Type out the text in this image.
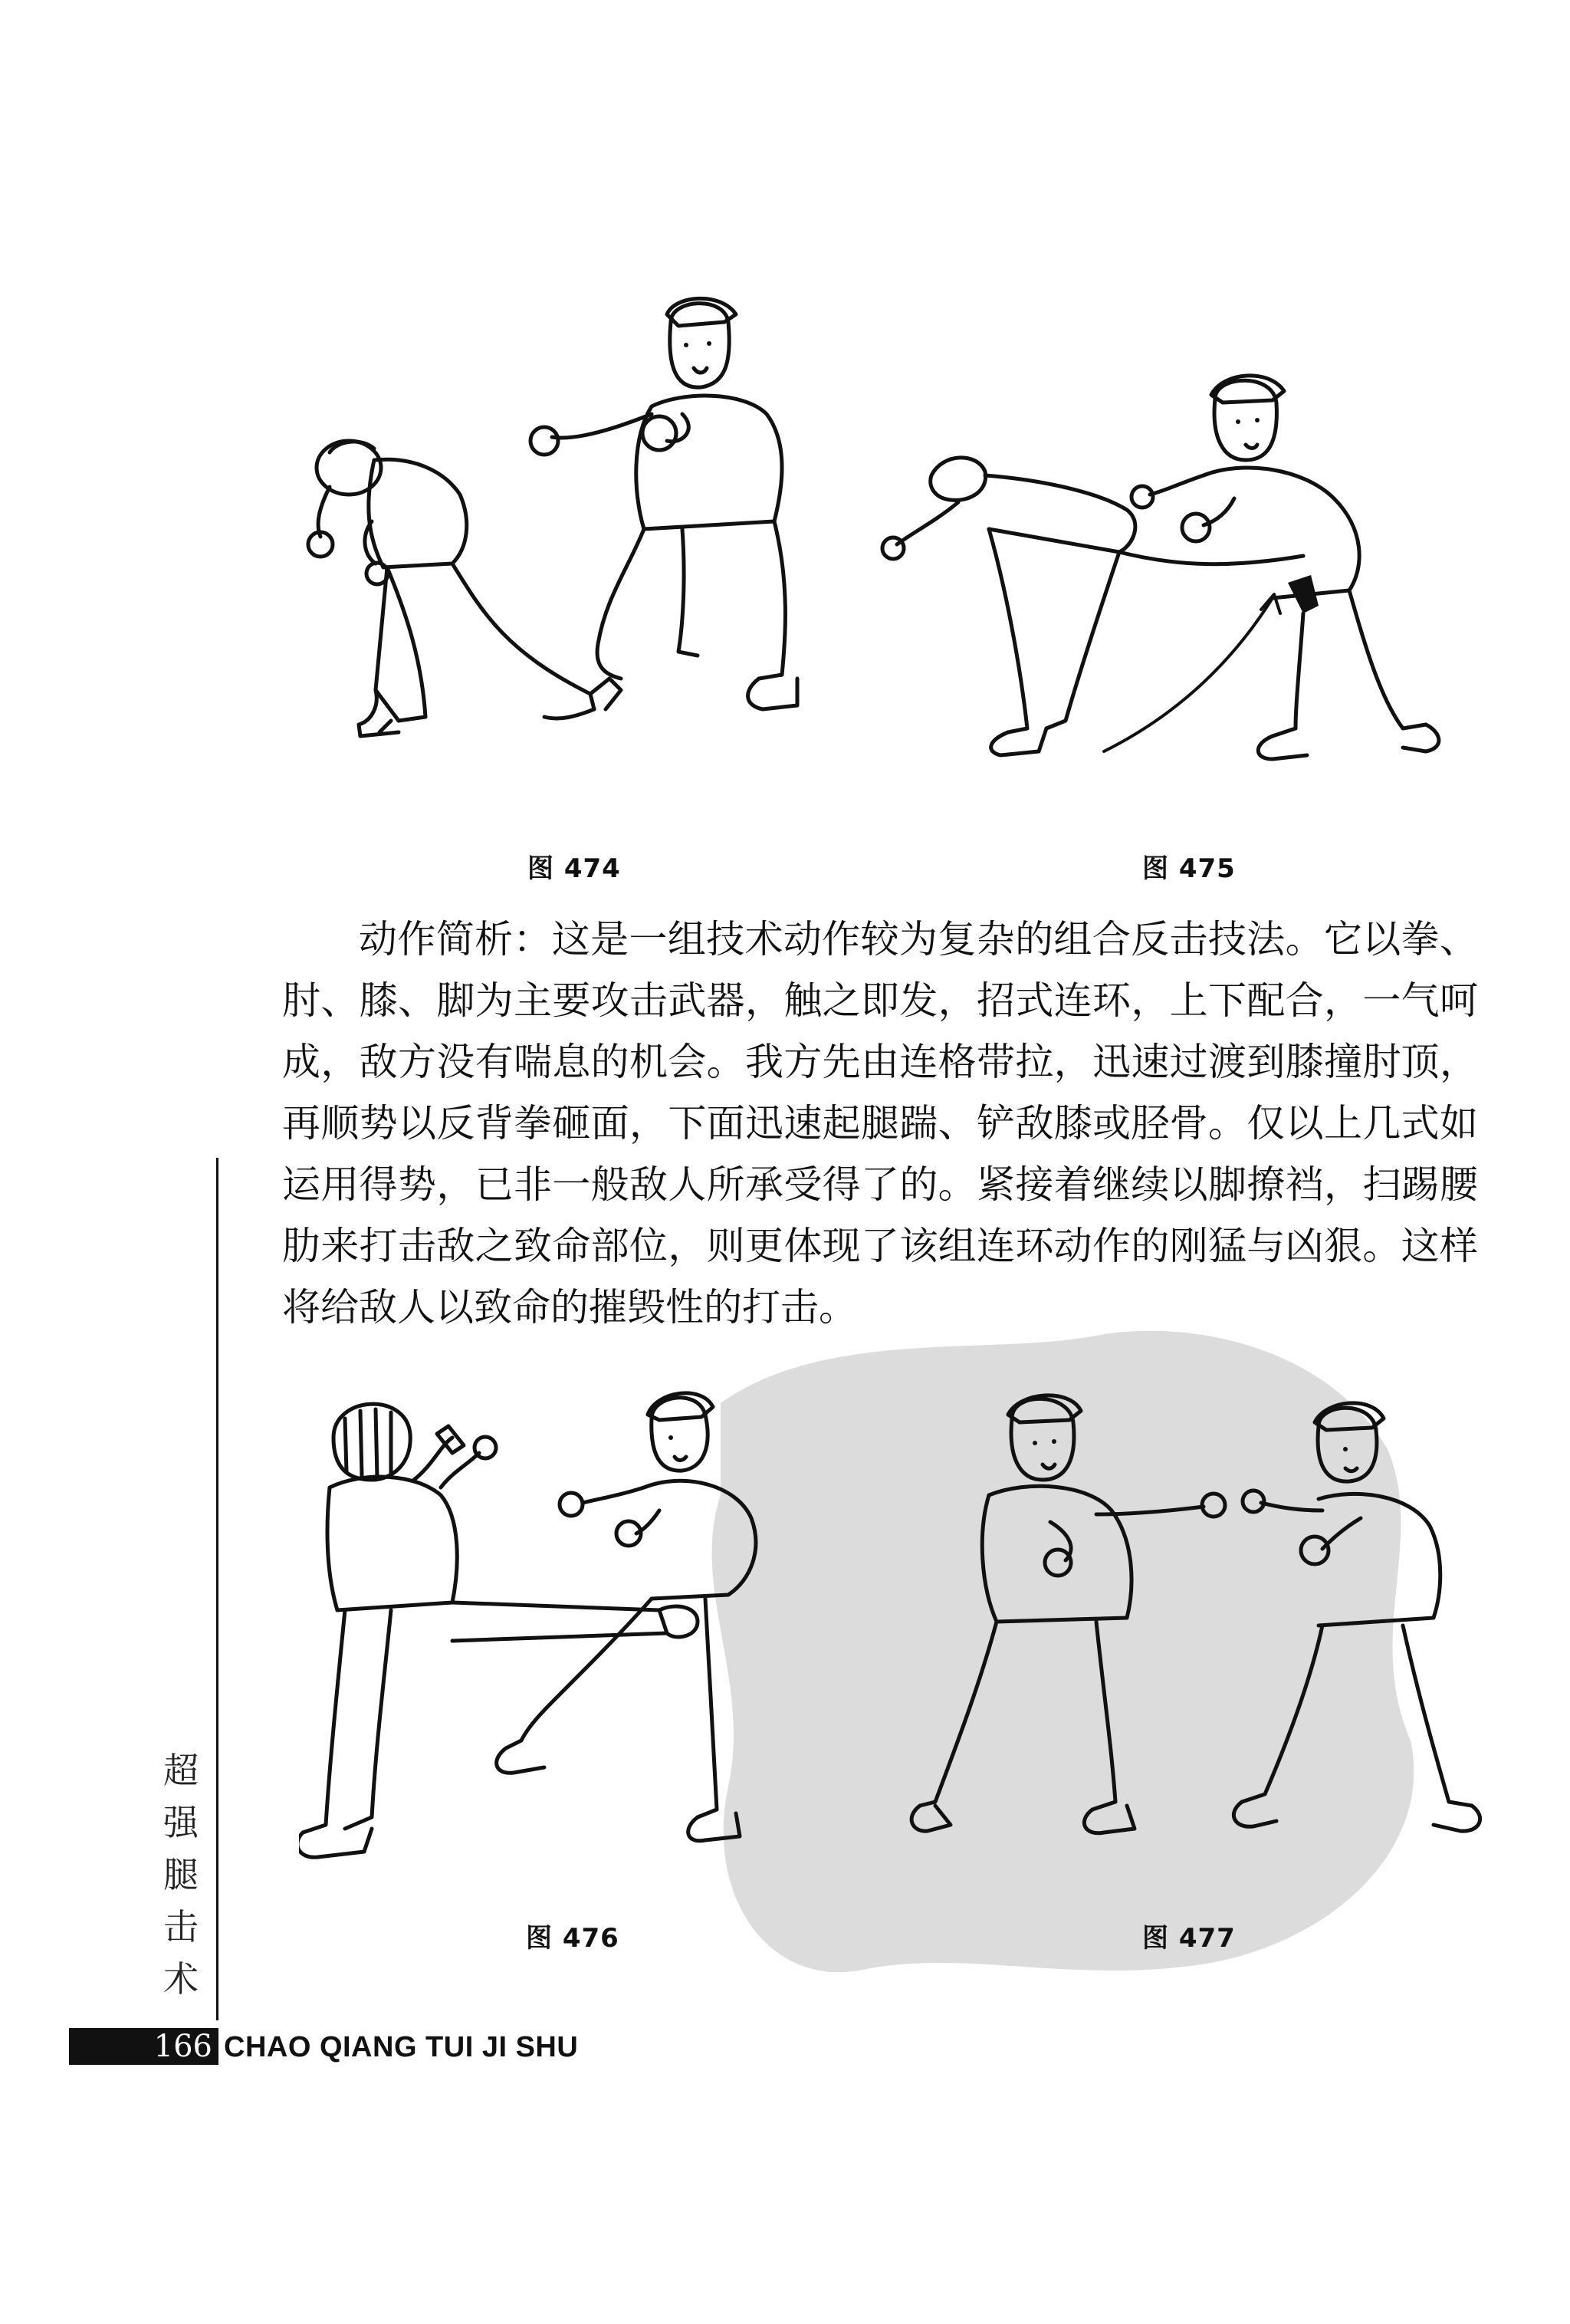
图 474	图 475

动作简析：这是一组技术动作较为复杂的组合反击技法。它以拳、肘、膝、脚为主要攻击武器，触之即发，招式连环，上下配合，一气呵成，敌方没有喘息的机会。我方先由连格带拉，迅速过渡到膝撞肘顶，再顺势以反背拳砸面，下面迅速起腿踹、铲敌膝或胫骨。仅以上几式如运用得势，已非一般敌人所承受得了的。紧接着继续以脚撩裆，扫踢腰肋来打击敌之致命部位，则更体现了该组连环动作的刚猛与凶狠。这样将给敌人以致命的摧毁性的打击。

图 476	图 477
超
强
腿
击
术
166 CHAO QIANG TUI JI SHU
